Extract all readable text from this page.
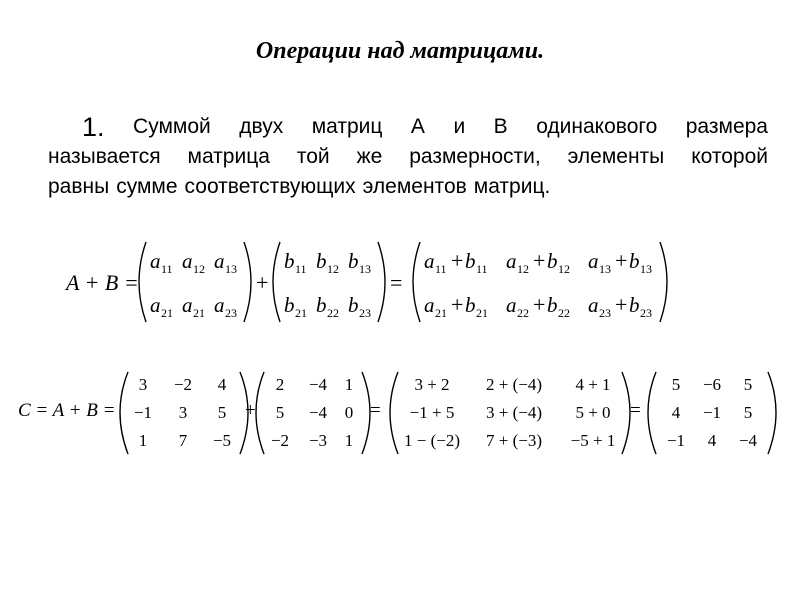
Операции над матрицами.
1. Суммой двух матриц А и В одинакового размера
называется матрица той же размерности, элементы которой
равны сумме соответствующих элементов матриц.
A + B =
a 11 a 12 a 13
a 21 a 21 a 23
+
b 11 b 12 b 13
b 21 b 22 b 23
=
a 11 + b 11 a 12 + b 12 a 13 + b 13
a 21 + b 21 a 22 + b 22 a 23 + b 23
C = A + B =
3 −2 4
−1 3 5
1 7 −5
+
2 −4 1
5 −4 0
−2 −3 1
=
3 + 2 2 + (−4) 4 + 1
−1 + 5 3 + (−4) 5 + 0
1 − (−2) 7 + (−3) −5 + 1
=
5 −6 5
4 −1 5
−1 4 −4
